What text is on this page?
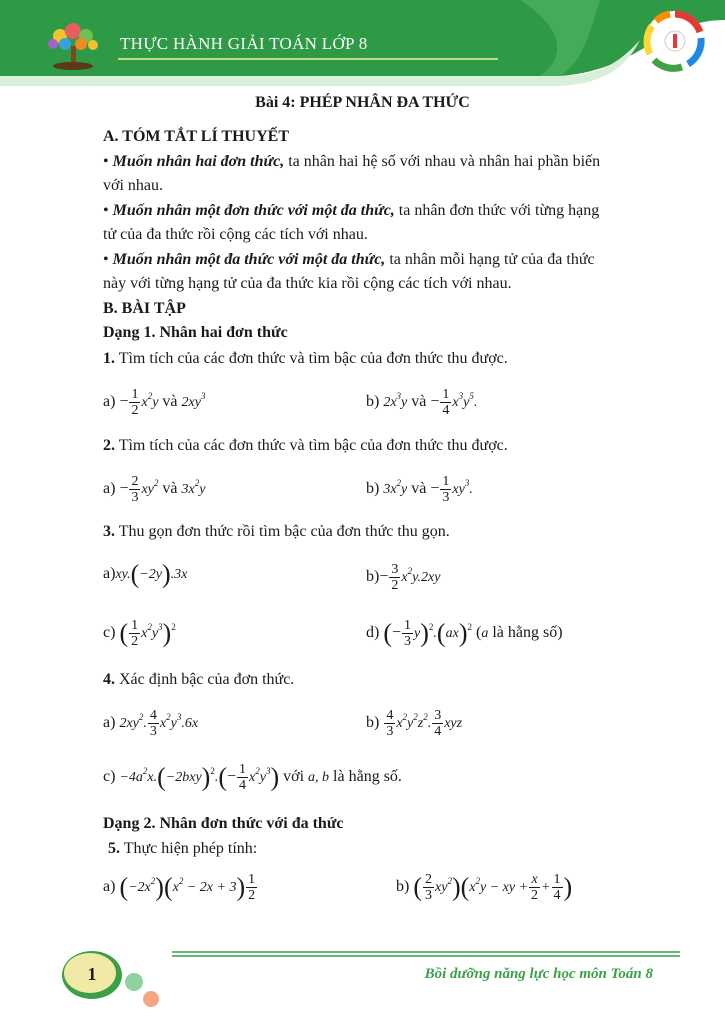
THỰC HÀNH GIẢI TOÁN LỚP 8
Bài 4: PHÉP NHÂN ĐA THỨC
A. TÓM TẮT LÍ THUYẾT
• Muốn nhân hai đơn thức, ta nhân hai hệ số với nhau và nhân hai phần biến
với nhau.
• Muốn nhân một đơn thức với một đa thức, ta nhân đơn thức với từng hạng
tử của đa thức rồi cộng các tích với nhau.
• Muốn nhân một đa thức với một đa thức, ta nhân mỗi hạng tử của đa thức
này với từng hạng tử của đa thức kia rồi cộng các tích với nhau.
B. BÀI TẬP
Dạng 1. Nhân hai đơn thức
1. Tìm tích của các đơn thức và tìm bậc của đơn thức thu được.
$a) - \frac{1}{2} x^2y$ và $2xy^3$	b) $2x^3y$ và − $\frac{1}{4} x^3y^5$.
2. Tìm tích của các đơn thức và tìm bậc của đơn thức thu được.
$a) - \frac{2}{3} xy^2$ và $3x^2y$	b) $3x^2y$ và − $\frac{1}{3} xy^3$.
3. Thu gọn đơn thức rồi tìm bậc của đơn thức thu gọn.
a)xy.(−2y).3x	$b)- \frac{3}{2} x^2y.2xy$
c) ( $\frac{1}{2} x^2y^3)^2$	d) (− $\frac{1}{3} y)^2.(ax)^2$ (a là hằng số)
4. Xác định bậc của đơn thức.
a) $2xy^2$. $\frac{4}{3} x^2y^3.6x$	$b) \frac{4}{3} x^2y^2z^2$. $\frac{3}{4}$ xyz
$c) -4a^2x.(-2bxy)^2.(- \frac{1}{4} x^2y^3)$ với a, b là hằng số.
Dạng 2. Nhân đơn thức với đa thức
5. Thực hiện phép tính:
a) $(-2x^2)(x^2 - 2x + 3) \frac{1}{2}$	b) ( $\frac{2}{3} xy^2)(x^2y$ − xy + $\frac{x}{2} + \frac{1}{4}$ )
1	Bồi dưỡng năng lực học môn Toán 8
